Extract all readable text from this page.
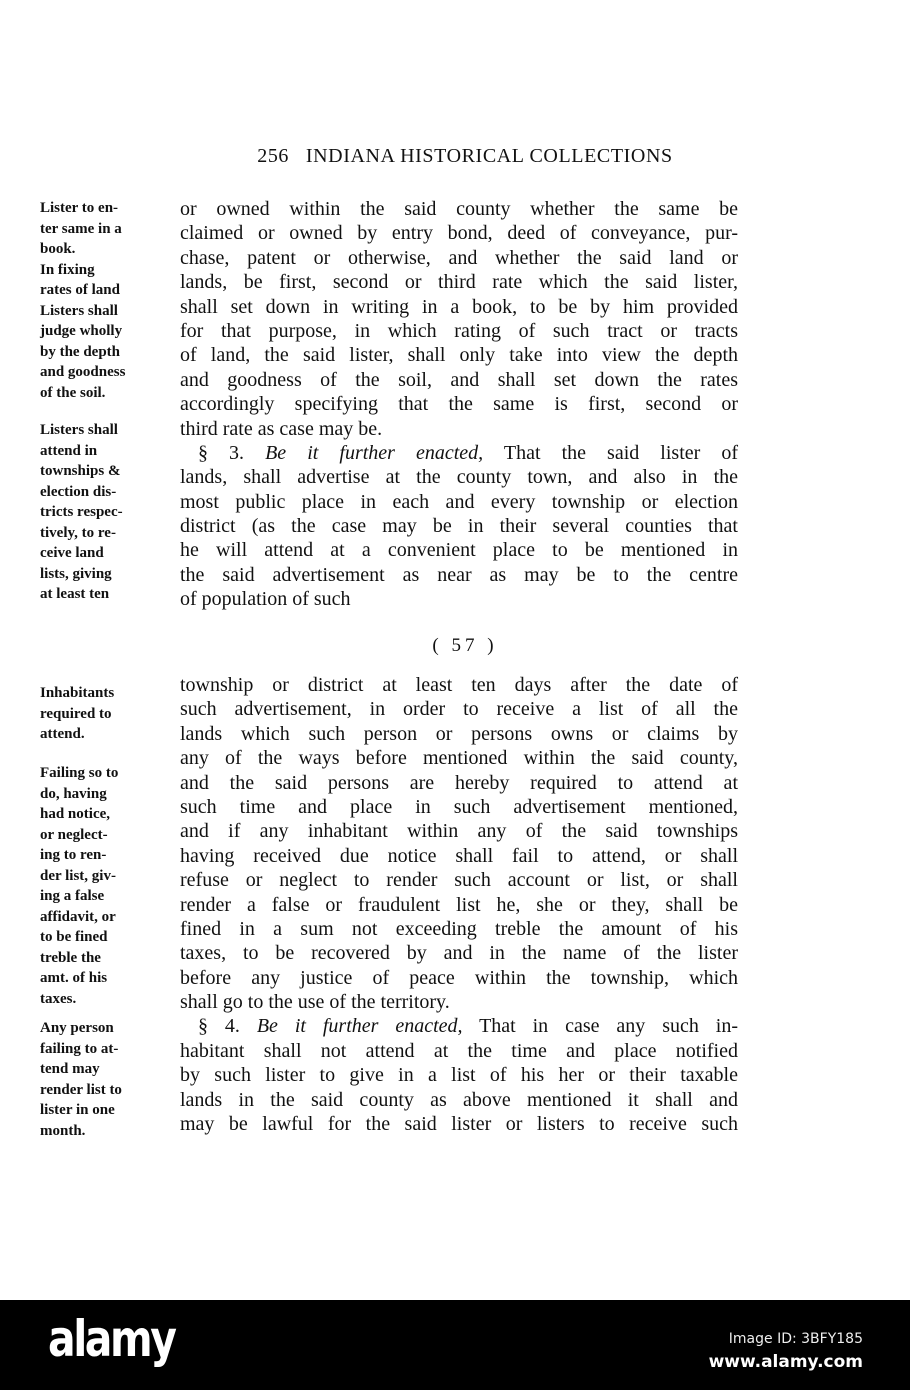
256 INDIANA HISTORICAL COLLECTIONS
Lister to en-
ter same in a
book.
In fixing
rates of land
Listers shall
judge wholly
by the depth
and goodness
of the soil.
Listers shall
attend in
townships &
election dis-
tricts respec-
tively, to re-
ceive land
lists, giving
at least ten
Inhabitants
required to
attend.
Failing so to
do, having
had notice,
or neglect-
ing to ren-
der list, giv-
ing a false
affidavit, or
to be fined
treble the
amt. of his
taxes.
Any person
failing to at-
tend may
render list to
lister in one
month.
or owned within the said county whether the same be
claimed or owned by entry bond, deed of conveyance, pur-
chase, patent or otherwise, and whether the said land or
lands, be first, second or third rate which the said lister,
shall set down in writing in a book, to be by him provided
for that purpose, in which rating of such tract or tracts
of land, the said lister, shall only take into view the depth
and goodness of the soil, and shall set down the rates
accordingly specifying that the same is first, second or
third rate as case may be.
§ 3. Be it further enacted, That the said lister of
lands, shall advertise at the county town, and also in the
most public place in each and every township or election
district (as the case may be in their several counties that
he will attend at a convenient place to be mentioned in
the said advertisement as near as may be to the centre
of population of such
( 57 )
township or district at least ten days after the date of
such advertisement, in order to receive a list of all the
lands which such person or persons owns or claims by
any of the ways before mentioned within the said county,
and the said persons are hereby required to attend at
such time and place in such advertisement mentioned,
and if any inhabitant within any of the said townships
having received due notice shall fail to attend, or shall
refuse or neglect to render such account or list, or shall
render a false or fraudulent list he, she or they, shall be
fined in a sum not exceeding treble the amount of his
taxes, to be recovered by and in the name of the lister
before any justice of peace within the township, which
shall go to the use of the territory.
§ 4. Be it further enacted, That in case any such in-
habitant shall not attend at the time and place notified
by such lister to give in a list of his her or their taxable
lands in the said county as above mentioned it shall and
may be lawful for the said lister or listers to receive such
alamy	Image ID: 3BFY185
www.alamy.com
